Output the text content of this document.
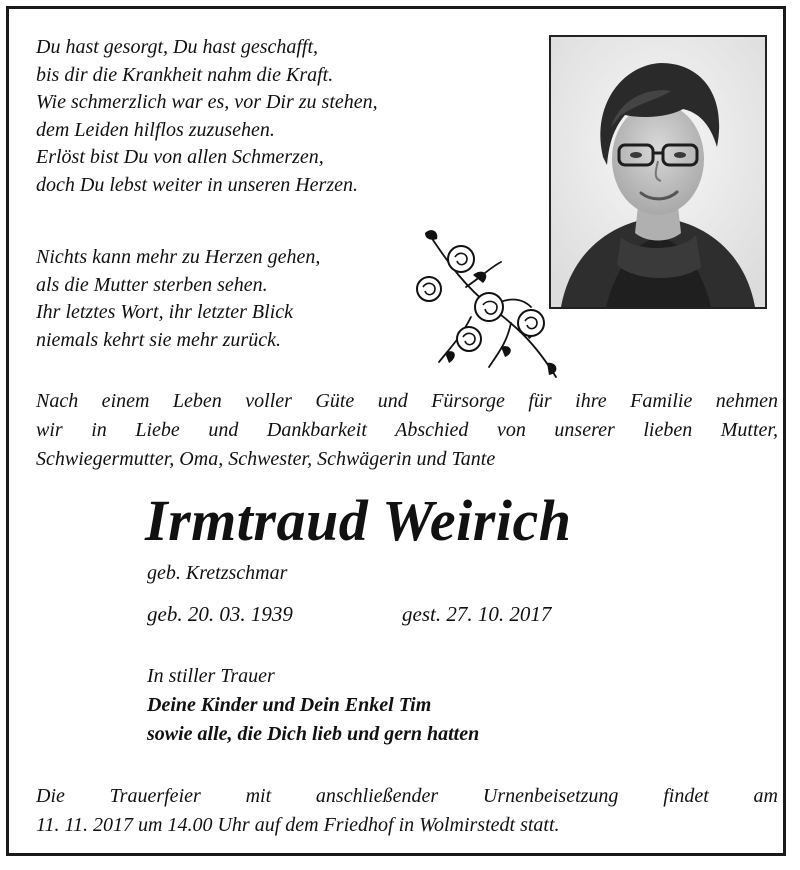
Du hast gesorgt, Du hast geschafft,
bis dir die Krankheit nahm die Kraft.
Wie schmerzlich war es, vor Dir zu stehen,
dem Leiden hilflos zuzusehen.
Erlöst bist Du von allen Schmerzen,
doch Du lebst weiter in unseren Herzen.
Nichts kann mehr zu Herzen gehen,
als die Mutter sterben sehen.
Ihr letztes Wort, ihr letzter Blick
niemals kehrt sie mehr zurück.
Nach einem Leben voller Güte und Fürsorge für ihre Familie nehmen
wir in Liebe und Dankbarkeit Abschied von unserer lieben Mutter,
Schwiegermutter, Oma, Schwester, Schwägerin und Tante
Irmtraud Weirich
geb. Kretzschmar
geb. 20. 03. 1939	gest. 27. 10. 2017
In stiller Trauer
Deine Kinder und Dein Enkel Tim
sowie alle, die Dich lieb und gern hatten
Die Trauerfeier mit anschließender Urnenbeisetzung findet am
11. 11. 2017 um 14.00 Uhr auf dem Friedhof in Wolmirstedt statt.
